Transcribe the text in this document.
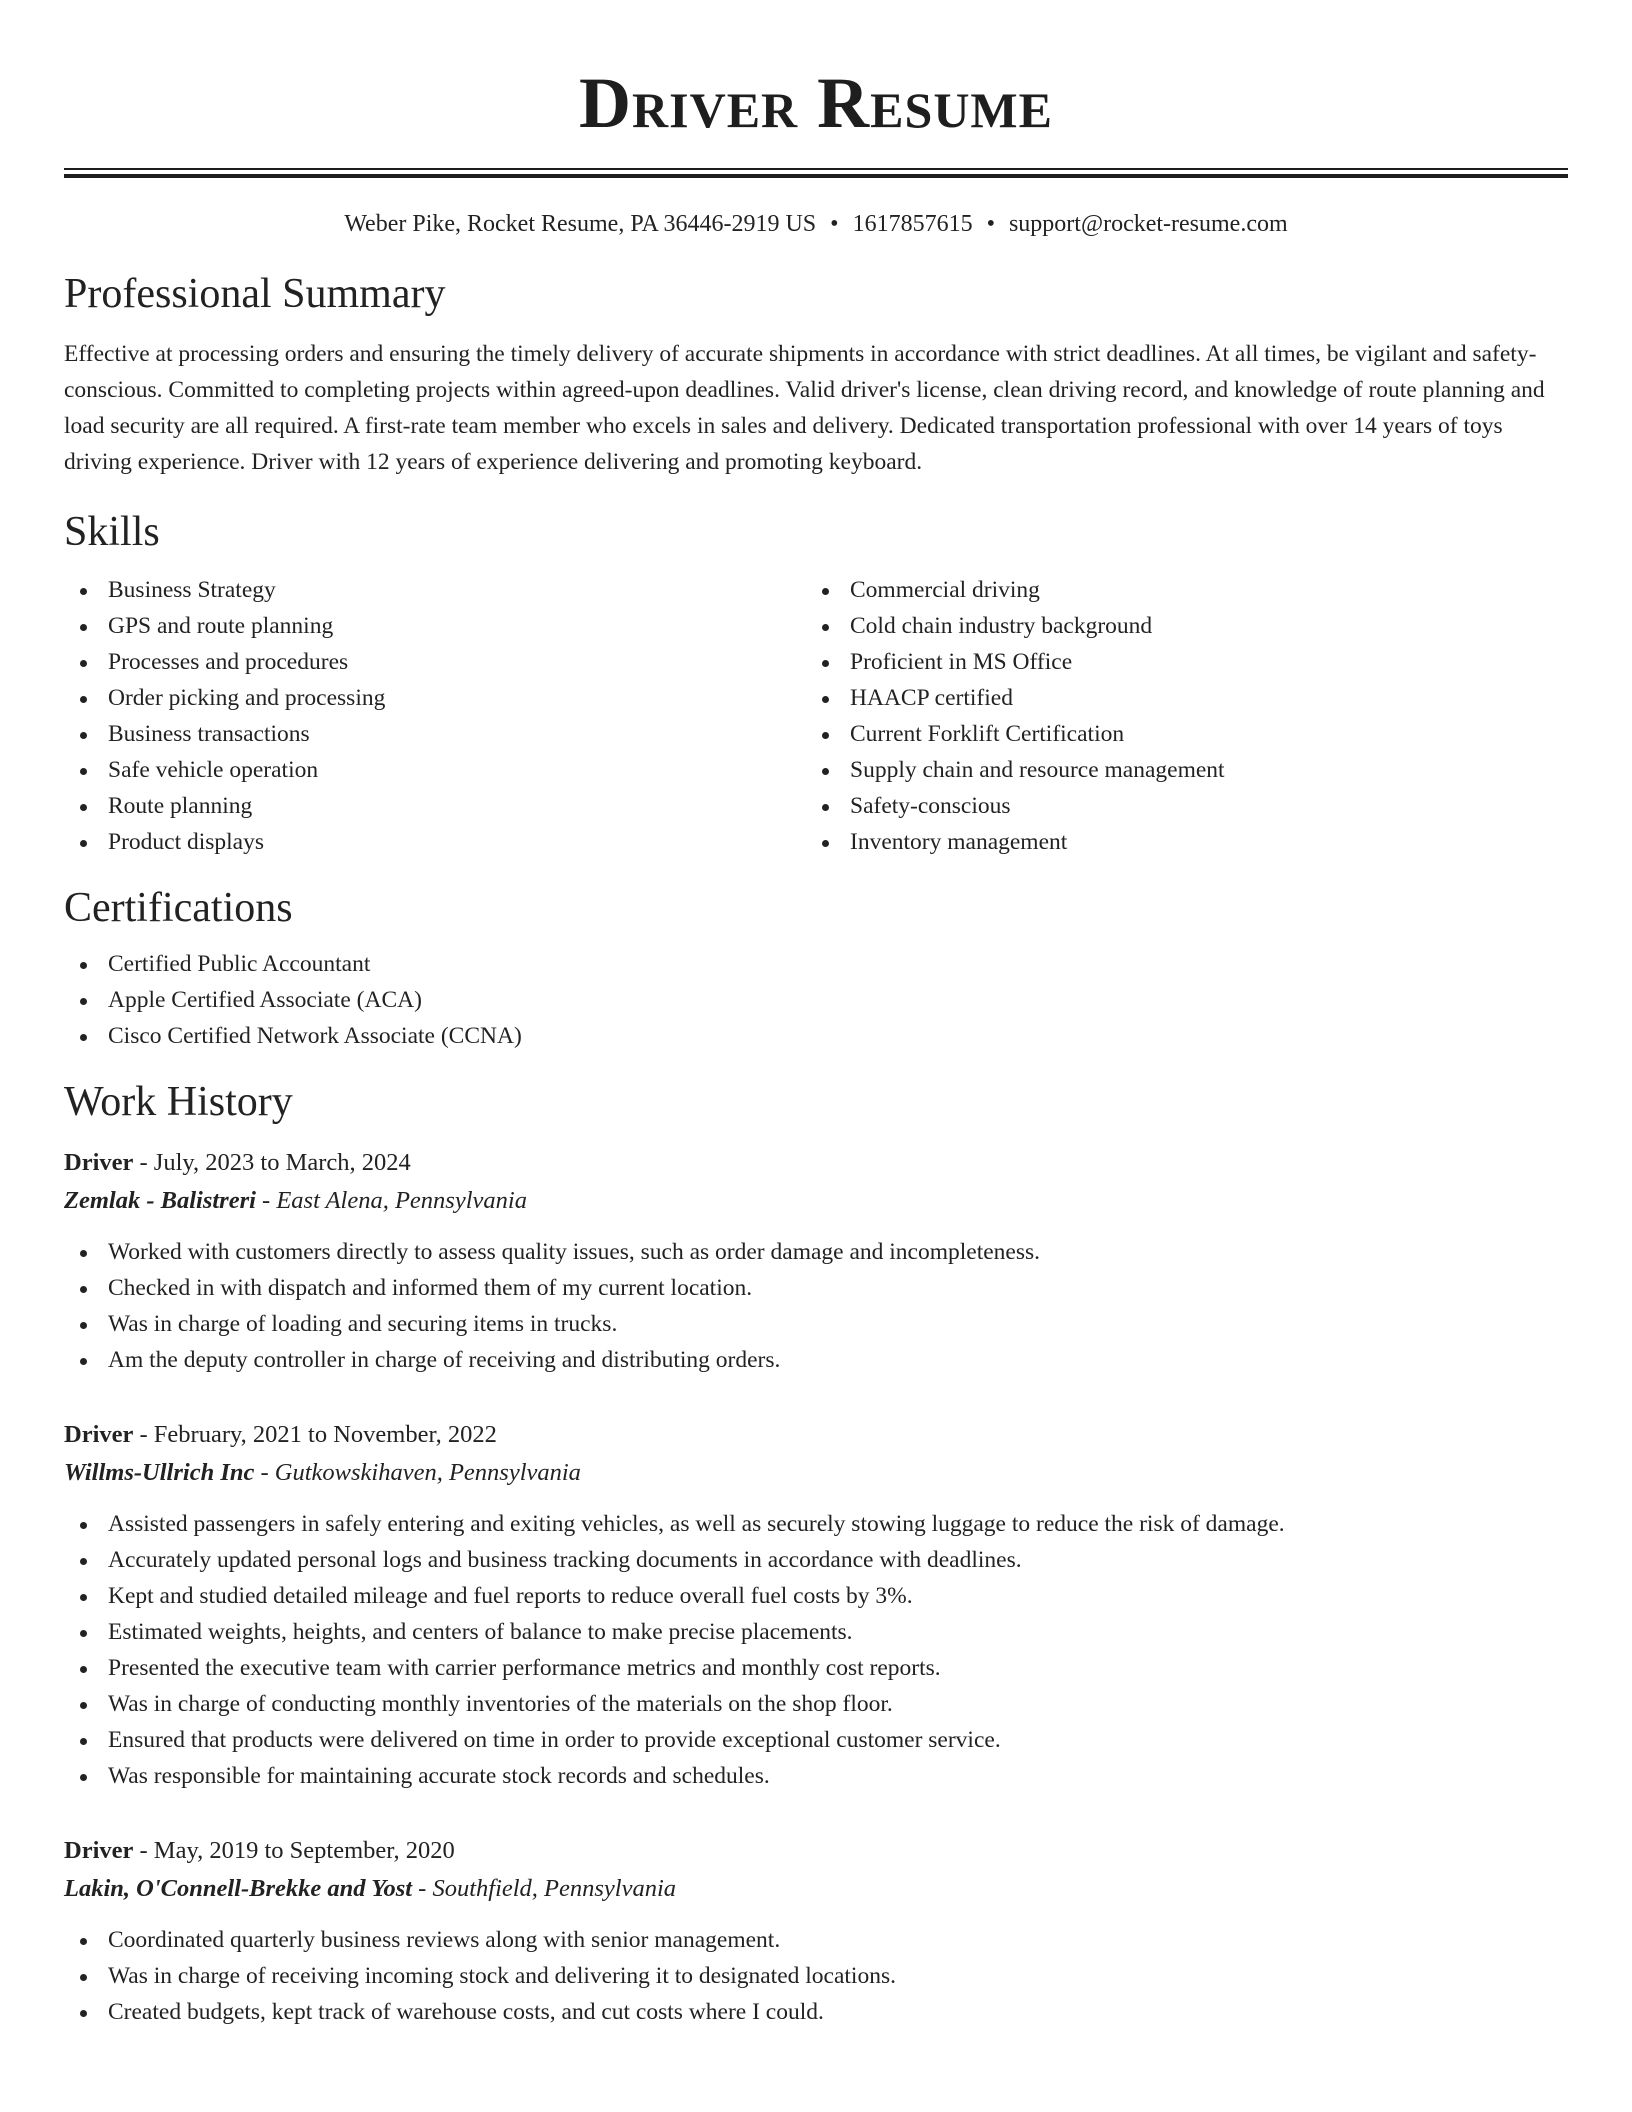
Driver Resume
Weber Pike, Rocket Resume, PA 36446-2919 US • 1617857615 • support@rocket-resume.com
Professional Summary

Effective at processing orders and ensuring the timely delivery of accurate shipments in accordance with strict deadlines. At all times, be vigilant and safety-conscious. Committed to completing projects within agreed-upon deadlines. Valid driver's license, clean driving record, and knowledge of route planning and load security are all required. A first-rate team member who excels in sales and delivery. Dedicated transportation professional with over 14 years of toys driving experience. Driver with 12 years of experience delivering and promoting keyboard.

Skills
Business Strategy
GPS and route planning
Processes and procedures
Order picking and processing
Business transactions
Safe vehicle operation
Route planning
Product displays
Commercial driving
Cold chain industry background
Proficient in MS Office
HAACP certified
Current Forklift Certification
Supply chain and resource management
Safety-conscious
Inventory management
Certifications
Certified Public Accountant
Apple Certified Associate (ACA)
Cisco Certified Network Associate (CCNA)
Work History
Driver - July, 2023 to March, 2024
Zemlak - Balistreri - East Alena, Pennsylvania
Worked with customers directly to assess quality issues, such as order damage and incompleteness.
Checked in with dispatch and informed them of my current location.
Was in charge of loading and securing items in trucks.
Am the deputy controller in charge of receiving and distributing orders.
Driver - February, 2021 to November, 2022
Willms-Ullrich Inc - Gutkowskihaven, Pennsylvania
Assisted passengers in safely entering and exiting vehicles, as well as securely stowing luggage to reduce the risk of damage.
Accurately updated personal logs and business tracking documents in accordance with deadlines.
Kept and studied detailed mileage and fuel reports to reduce overall fuel costs by 3%.
Estimated weights, heights, and centers of balance to make precise placements.
Presented the executive team with carrier performance metrics and monthly cost reports.
Was in charge of conducting monthly inventories of the materials on the shop floor.
Ensured that products were delivered on time in order to provide exceptional customer service.
Was responsible for maintaining accurate stock records and schedules.
Driver - May, 2019 to September, 2020
Lakin, O'Connell-Brekke and Yost - Southfield, Pennsylvania
Coordinated quarterly business reviews along with senior management.
Was in charge of receiving incoming stock and delivering it to designated locations.
Created budgets, kept track of warehouse costs, and cut costs where I could.
